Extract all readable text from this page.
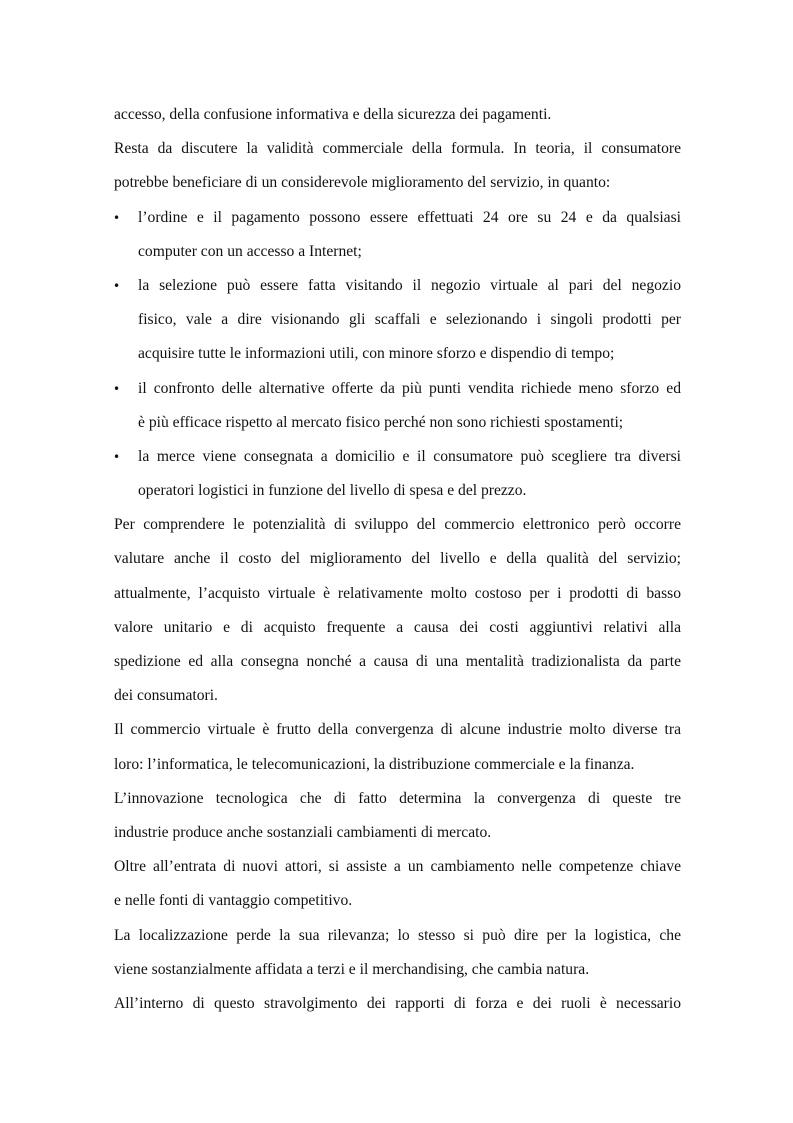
accesso, della confusione informativa e della sicurezza dei pagamenti.
Resta da discutere la validità commerciale della formula. In teoria, il consumatore
potrebbe beneficiare di un considerevole miglioramento del servizio, in quanto:
•	l’ordine e il pagamento possono essere effettuati 24 ore su 24 e da qualsiasi
computer con un accesso a Internet;
•	la selezione può essere fatta visitando il negozio virtuale al pari del negozio
fisico, vale a dire visionando gli scaffali e selezionando i singoli prodotti per
acquisire tutte le informazioni utili, con minore sforzo e dispendio di tempo;
•	il confronto delle alternative offerte da più punti vendita richiede meno sforzo ed
è più efficace rispetto al mercato fisico perché non sono richiesti spostamenti;
•	la merce viene consegnata a domicilio e il consumatore può scegliere tra diversi
operatori logistici in funzione del livello di spesa e del prezzo.
Per comprendere le potenzialità di sviluppo del commercio elettronico però occorre
valutare anche il costo del miglioramento del livello e della qualità del servizio;
attualmente, l’acquisto virtuale è relativamente molto costoso per i prodotti di basso
valore unitario e di acquisto frequente a causa dei costi aggiuntivi relativi alla
spedizione ed alla consegna nonché a causa di una mentalità tradizionalista da parte
dei consumatori.
Il commercio virtuale è frutto della convergenza di alcune industrie molto diverse tra
loro: l’informatica, le telecomunicazioni, la distribuzione commerciale e la finanza.
L’innovazione tecnologica che di fatto determina la convergenza di queste tre
industrie produce anche sostanziali cambiamenti di mercato.
Oltre all’entrata di nuovi attori, si assiste a un cambiamento nelle competenze chiave
e nelle fonti di vantaggio competitivo.
La localizzazione perde la sua rilevanza; lo stesso si può dire per la logistica, che
viene sostanzialmente affidata a terzi e il merchandising, che cambia natura.
All’interno di questo stravolgimento dei rapporti di forza e dei ruoli è necessario
